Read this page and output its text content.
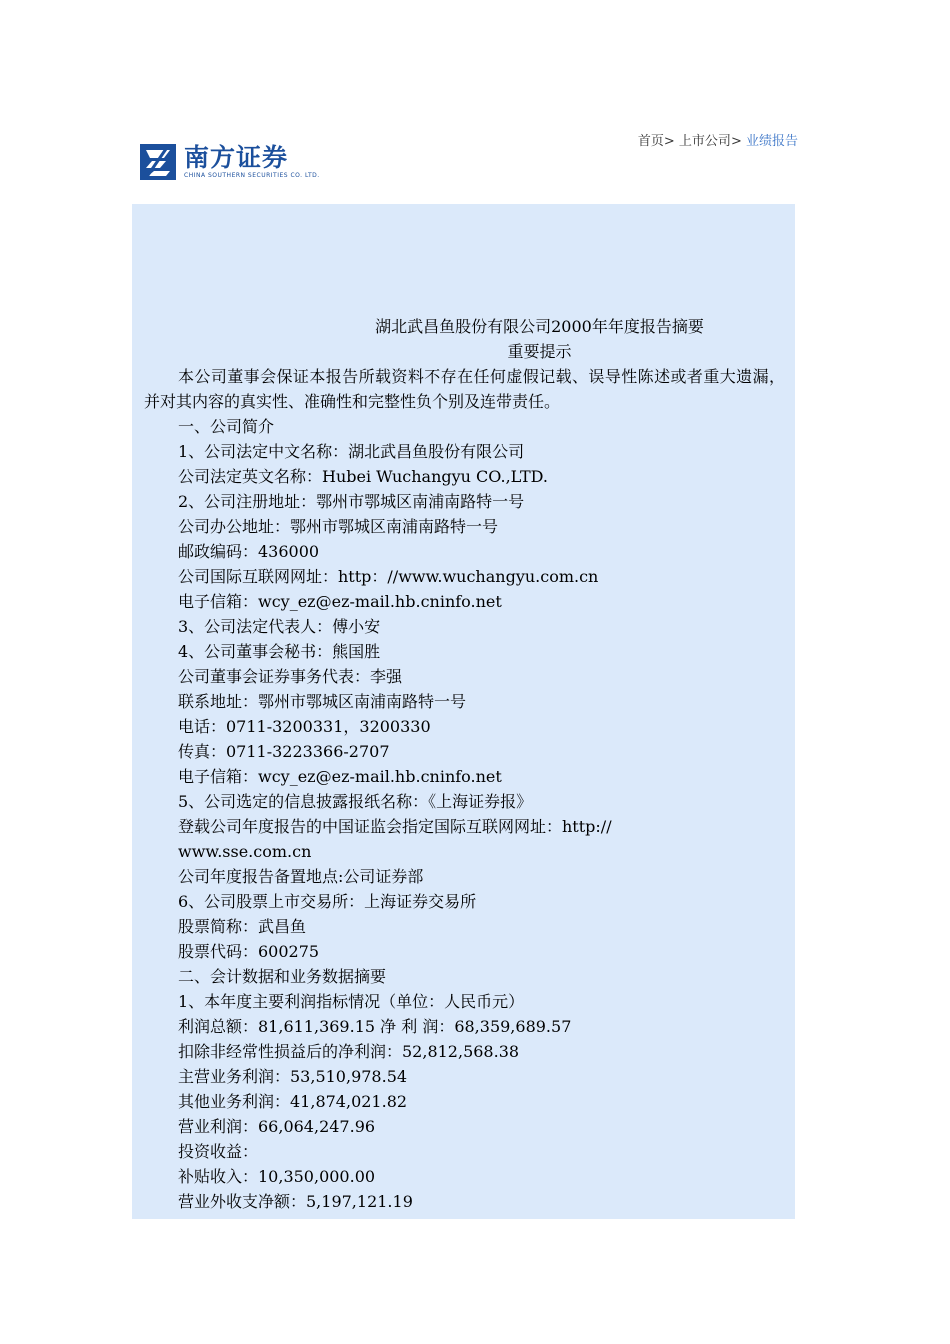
南方证券
CHINA SOUTHERN SECURITIES CO. LTD.
首页> 上市公司> 业绩报告
湖北武昌鱼股份有限公司2000年年度报告摘要
重要提示
本公司董事会保证本报告所载资料不存在任何虚假记载、误导性陈述或者重大遗漏，并对其内容的真实性、准确性和完整性负个别及连带责任。
一、公司简介
1、公司法定中文名称：湖北武昌鱼股份有限公司
公司法定英文名称：Hubei Wuchangyu CO.,LTD.
2、公司注册地址：鄂州市鄂城区南浦南路特一号
公司办公地址：鄂州市鄂城区南浦南路特一号
邮政编码：436000
公司国际互联网网址：http：//www.wuchangyu.com.cn
电子信箱：wcy_ez@ez-mail.hb.cninfo.net
3、公司法定代表人：傅小安
4、公司董事会秘书：熊国胜
公司董事会证券事务代表：李强
联系地址：鄂州市鄂城区南浦南路特一号
电话：0711-3200331，3200330
传真：0711-3223366-2707
电子信箱：wcy_ez@ez-mail.hb.cninfo.net
5、公司选定的信息披露报纸名称：《上海证券报》
登载公司年度报告的中国证监会指定国际互联网网址：http://
www.sse.com.cn
公司年度报告备置地点:公司证券部
6、公司股票上市交易所：上海证券交易所
股票简称：武昌鱼
股票代码：600275
二、会计数据和业务数据摘要
1、本年度主要利润指标情况（单位：人民币元）
利润总额：81,611,369.15 净 利 润：68,359,689.57
扣除非经常性损益后的净利润：52,812,568.38
主营业务利润：53,510,978.54
其他业务利润：41,874,021.82
营业利润：66,064,247.96
投资收益：
补贴收入：10,350,000.00
营业外收支净额：5,197,121.19
